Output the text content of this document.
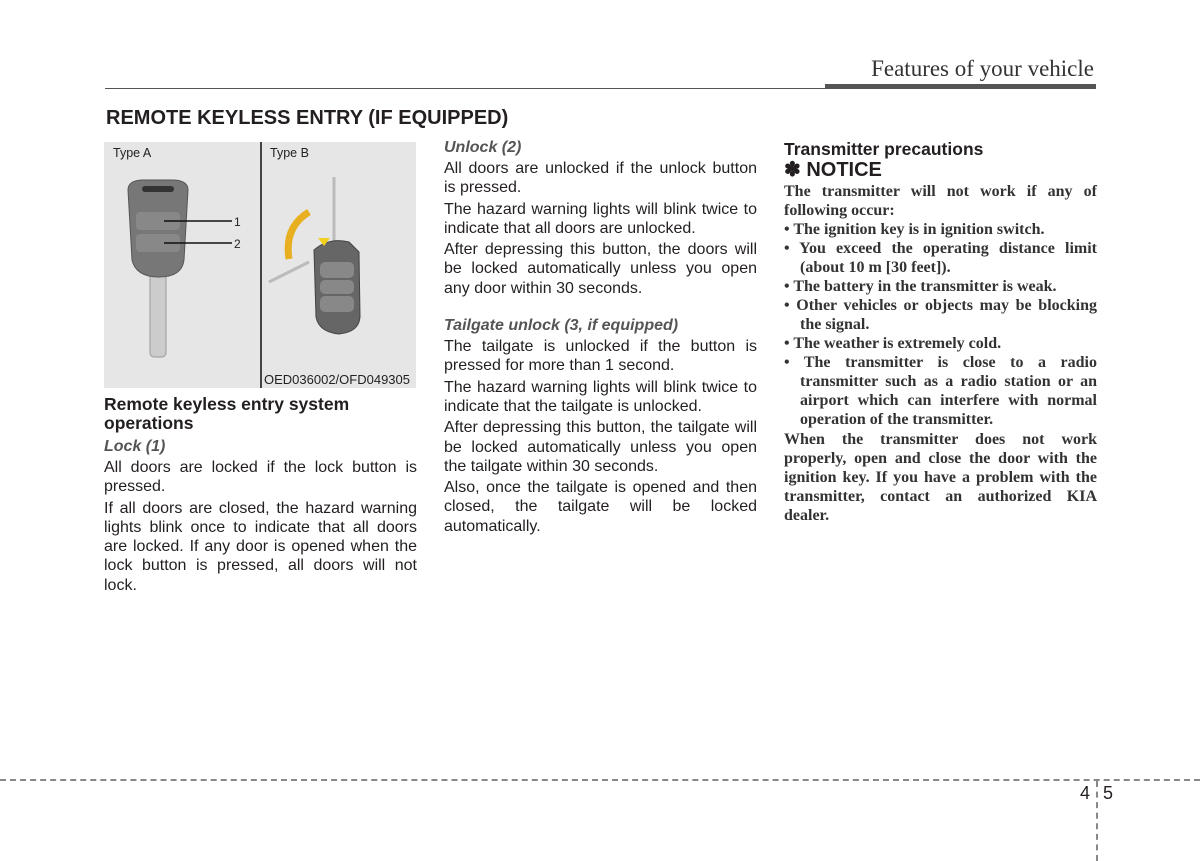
Features of your vehicle
REMOTE KEYLESS ENTRY (IF EQUIPPED)
Type A	Type B
1
2
OED036002/OFD049305
Remote keyless entry system operations
Lock (1)

All doors are locked if the lock button is pressed.

If all doors are closed, the hazard warning lights blink once to indicate that all doors are locked. If any door is opened when the lock button is pressed, all doors will not lock.

Unlock (2)

All doors are unlocked if the unlock button is pressed.

The hazard warning lights will blink twice to indicate that all doors are unlocked.

After depressing this button, the doors will be locked automatically unless you open any door within 30 seconds.

Tailgate unlock (3, if equipped)

The tailgate is unlocked if the button is pressed for more than 1 second.

The hazard warning lights will blink twice to indicate that the tailgate is unlocked.

After depressing this button, the tailgate will be locked automatically unless you open the tailgate within 30 seconds.

Also, once the tailgate is opened and then closed, the tailgate will be locked automatically.

Transmitter precautions
✽ NOTICE

The transmitter will not work if any of following occur:

• The ignition key is in ignition switch.
• You exceed the operating distance limit (about 10 m [30 feet]).
• The battery in the transmitter is weak.
• Other vehicles or objects may be blocking the signal.
• The weather is extremely cold.
• The transmitter is close to a radio transmitter such as a radio station or an airport which can interfere with normal operation of the transmitter.

When the transmitter does not work properly, open and close the door with the ignition key. If you have a problem with the transmitter, contact an authorized KIA dealer.

4 5
